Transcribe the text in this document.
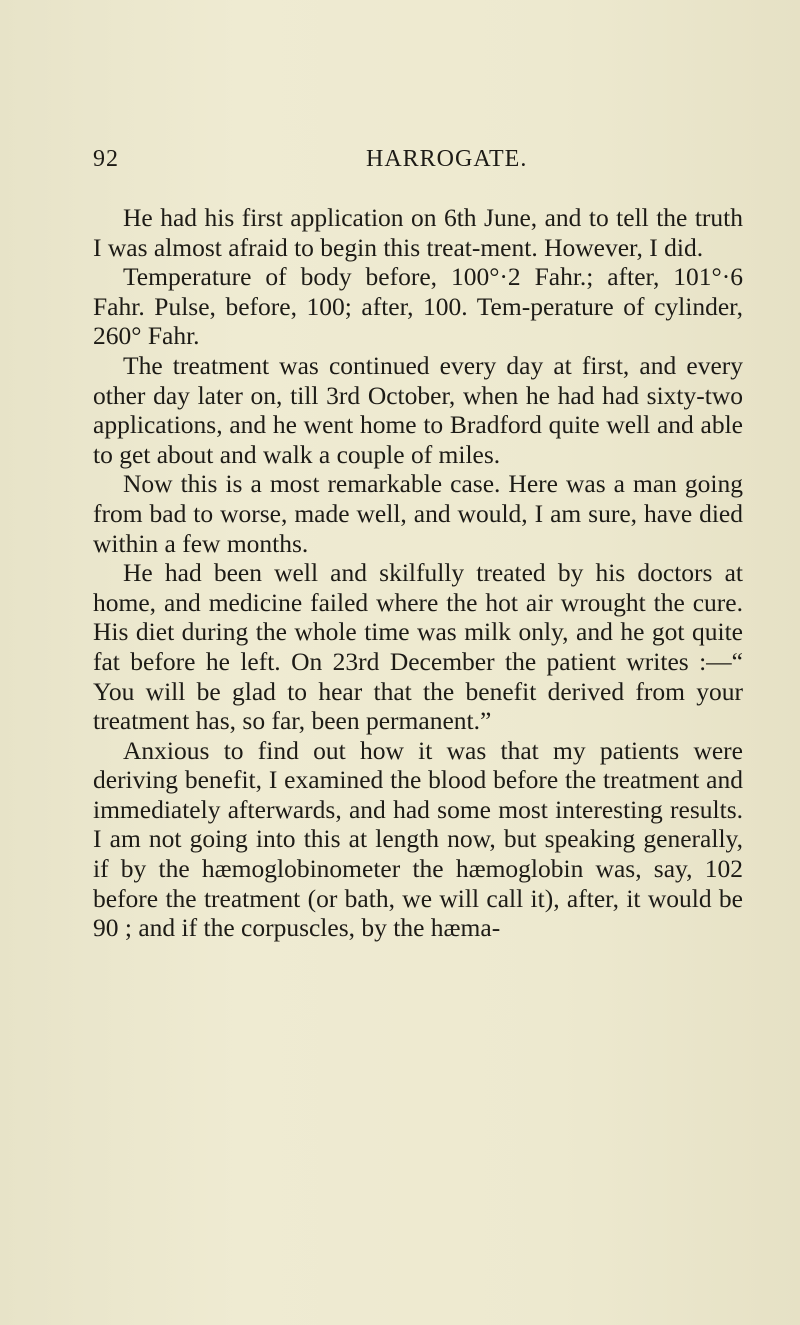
92	HARROGATE.

He had his first application on 6th June, and to tell the truth I was almost afraid to begin this treat-ment. However, I did.

Temperature of body before, 100°·2 Fahr.; after, 101°·6 Fahr. Pulse, before, 100; after, 100. Tem-perature of cylinder, 260° Fahr.

The treatment was continued every day at first, and every other day later on, till 3rd October, when he had had sixty-two applications, and he went home to Bradford quite well and able to get about and walk a couple of miles.

Now this is a most remarkable case. Here was a man going from bad to worse, made well, and would, I am sure, have died within a few months.

He had been well and skilfully treated by his doctors at home, and medicine failed where the hot air wrought the cure. His diet during the whole time was milk only, and he got quite fat before he left. On 23rd December the patient writes :—“ You will be glad to hear that the benefit derived from your treatment has, so far, been permanent.”

Anxious to find out how it was that my patients were deriving benefit, I examined the blood before the treatment and immediately afterwards, and had some most interesting results. I am not going into this at length now, but speaking generally, if by the hæmoglobinometer the hæmoglobin was, say, 102 before the treatment (or bath, we will call it), after, it would be 90 ; and if the corpuscles, by the hæma-
